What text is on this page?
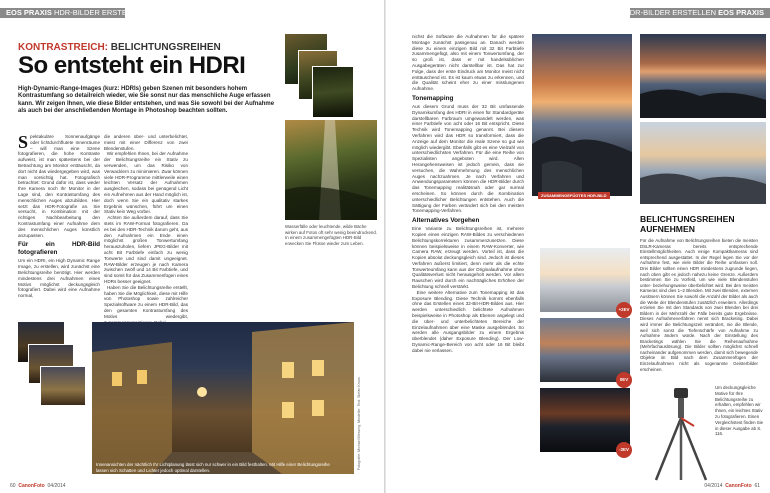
EOS PRAXIS HDR-BILDER ERSTELLEN	HDR-BILDER ERSTELLEN EOS PRAXIS
KONTRASTREICH: BELICHTUNGSREIHEN
So entsteht ein HDRI
High-Dynamic-Range-Images (kurz: HDRIs) geben Szenen mit besonders hohem Kontrastumfang so detailreich wieder, wie Sie sonst nur das menschliche Auge erfassen kann. Wir zeigen Ihnen, wie diese Bilder entstehen, und was Sie sowohl bei der Aufnahme als auch bei der anschließenden Montage in Photoshop beachten sollten.
S pektakuläre Sonnenaufgänge oder lichtdurchflutete Innenräume – will man eine Szene fotografieren, die hohe Kontraste aufweist, ist man spätestens bei der Betrachtung am Monitor enttäuscht, da dort nicht das wiedergegeben wird, was man vorsichtig hat. Fotografisch betrachtet: Grund dafür ist, dass weder Ihre Kamera noch Ihr Monitor in der Lage sind, den Kontrastumfang des menschlichen Auges abzubilden. Hier setzt das HDR-Fotografie an. Sie versucht, in Kombination mit der richtigen Nachbearbeitung den Kontrastumfang einer Aufnahme dem des menschlichen Auges künstlich anzupassen.
Für ein HDR-Bild fotografieren
Um ein HDRI, ein High Dynamic Range Image, zu erstellen, wird zunächst eine Belichtungsreihe benötigt. Hier werden mindestens drei Aufnahmen eines Motivs möglichst deckungsgleich fotografiert. Dabei wird eine Aufnahme normal,
die anderen über- und unterbelichtet, meist mit einer Differenz von zwei Blendenstufen.
Wir empfehlen Ihnen, bei der Aufnahme der Belichtungsreihe ein Stativ zu verwenden, um das Risiko von Verwacklern zu minimieren. Zwar können viele HDR-Programme mittlerweile einen leichten Versatz der Aufnahmen ausgleichen, sodass bei genügend Licht ein Aufnehmen aus der Hand möglich ist, doch wenn Sie ein qualitativ starkes Ergebnis wünschen, führt um einen Stativ kein Weg vorbei.
Achten Sie außerdem darauf, dass Sie stets im RAW-Format fotografieren. Da es bei den HDR-Technik darum geht, aus den Aufnahmen ein Ende einen möglichst großen Tonwertumfang herauszuholen, liefern JPEG-Bilder mit acht Bit Farbtiefe einfach zu wenig Tonwerte und sind damit ungeeignet. RAW-Bilder erzeugen je nach Kamera zwischen zwölf und 14 Bit Farbtiefe, und sind somit für das Zusammenfügen eines HDRs besser geeignet.
Haben Sie die Belichtungsreihe erstellt, haben Sie die Möglichkeit, diese mit Hilfe von Photoshop sowie zahlreicher Spezialsoftware zu einem HDR-Bild, das den gesamten Kontrastumfang des Motivs wiedergibt,
Wasserfälle oder leuchtende, wilde Bäche wirken auf Fotos oft sehr wenig beeindruckend. In einem zusammengefügten HDR-Bild erwecken Sie Flüsse wieder zum Leben.
Innenansichten der nächtlich Ihr Lichtplanung lässt sich nur schwer in ein Bild festhalten. Mit Hilfe einer Belichtungsreihe lassen sich Schatten und Lichter jedoch optimal darstellen.
Fotografie: Michael Blessing, Mosteller. Text: Stefan Kroos
nichst die Software die Aufnahmen für die spätere Montage zunächst passgenau an. Danach werden diese zu einem einzigen Bild mit 32 Bit Farbtiefe zusammengefügt, also mit einem Tonwertumfang, der so groß ist, dass er mit handelsüblichen Ausgabegeräten nicht darstellbar ist. Das hat zur Folge, dass der erste Eindruck am Monitor meist nicht enttäuschend ist. Es ist kaum etwas zu erkennen, und die Qualität scheint eher zu einer misslungenen Aufnahme.
Tonemapping
Aus diesem Grund muss der 32 Bit umfassende Dynamikumfang des HDRI in einen für Standardgeräte darstellbaren Farbraum umgewandelt werden, was einer Farbtiefe von acht oder 16 Bit entspricht. Diese Technik wird Tonemapping genannt. Bei diesem Verfahren wird das HDR so transformiert, dass die Anzeige auf dem Monitor die reale Szene so gut wie möglich wiedergibt. Ebenfalls gibt es eine Vielzahl von unterschiedlichsten Verfahren. Für die eine Reihe von Spezialisten angeboten wird. Allen Herangehensweisen ist jedoch gemein, dass sie versuchen, die Wahrnehmung des menschlichen Auges nachzuahmen. Je nach Verfahren und Anwendungsparametern können die HDR-Bilder durch das Tonemapping realitätsnah oder gar surreal erscheinen. So können durch die Kombination unterschiedlicher Belichtungen entstehen. Auch die Sättigung der Farben verändert sich bei den meisten Tonemapping-Verfahren.
Alternatives Vorgehen
Eine Variante zu Belichtungsreihen ist, mehrere Kopien eines einzigen RAW-Bildes zu verschiedenen Belichtungskorrekturen zusammenzusetzen. Diese können beispielsweise in einem RAW-Konverter, wie Camera RAW, erzeugt werden. Vorteil ist, dass die Kopien absolut deckungsgleich sind. Jedoch ist dieses Verfahren äußerst limitiert, denn mehr als die echte Tonwerteumfang kann aus der Originalaufnahme ohne Qualitätsverlust nicht herausgeholt werden. Vor allem Rauschen wird durch ein nachträgliches Erhöhen der Belichtung schnell verstärkt.
Eine weitere Alternative zum Tonemapping ist das Exposure Blending. Diese Technik kommt ebenfalls ohne das Erstellen eines 32-Bit-HDR-Bildes aus. Hier werden unterschiedlich belichtete Aufnahmen beispielsweise in Photoshop als Ebenen angelegt und die über- und unterbelichteten Bereiche der Einzelaufnahmen über eine Maske ausgeblendet. So werden alle Ausgangsbilder zu einem Ergebnis überblendet (daher Exposure Blending). Der Low-Dynamic-Range-Bereich von acht oder 16 Bit bleibt dabei nie verlassen.
ZUSAMMENGEFÜGTES HDR-BILD
+2EV
0EV
-2EV
BELICHTUNGSREIHEN
AUFNEHMEN
Für die Aufnahme von Belichtungsreihen bieten die meisten DSLR-Kameras bereits entsprechende Einstellmöglichkeiten. Auch einige Kompaktkameras sind entsprechend ausgestattet. In der Regel legen Sie vor der Aufnahme fest, wie viele Bilder die Reihe umfassen soll. Drei Bilder sollten einen HDR mindestens zugrunde liegen, nach oben gibt es jedoch nahezu keine Grenze. Außerdem bestimmen Sie zu Vorfeld, um wie viele Blendenstufen unter- beziehungsweise überbelichtet wird. Bei den meisten Kameras sind dies 1–2 Blenden. Mit zwei Blenden, externen Auslösern können Sie sowohl die Anzahl der Bilder als auch die Weite der Blendenstufen zusätzlich erweitern. Allerdings erzielen Sie mit den Standards von zwei Blenden bei drei Bildern in der Mehrzahl der Fälle bereits gute Ergebnisse. Dieses Aufnahmeverfahren nennt sich Bracketing. Dabei wird immer die Belichtungszeit verändert, nie die Blende, weil sich sonst die Tiefenschärfe von Aufnahme zu Aufnahme ändern würde. Nach der Einstellung des Bracketings wählen Sie die Reihenaufnahme (Mehrfachauslösung). Die Bilder sollten möglichst schnell nacheinander aufgenommen werden, damit sich bewegende Objekte im Bild nach dem Zusammenfügen der Einzelaufnahmen nicht als sogenannte Geisterbilder erscheinen.
Um deckungsgleiche Motive für Ihre Belichtungsreihe zu erhalten, empfehlen wir Ihnen, ein leichtes Stativ zu fotografieren. Einen Vergleichstest finden Sie in dieser Ausgabe ab S. 116.
60 CanonFoto 04/2014	04/2014 CanonFoto 61
